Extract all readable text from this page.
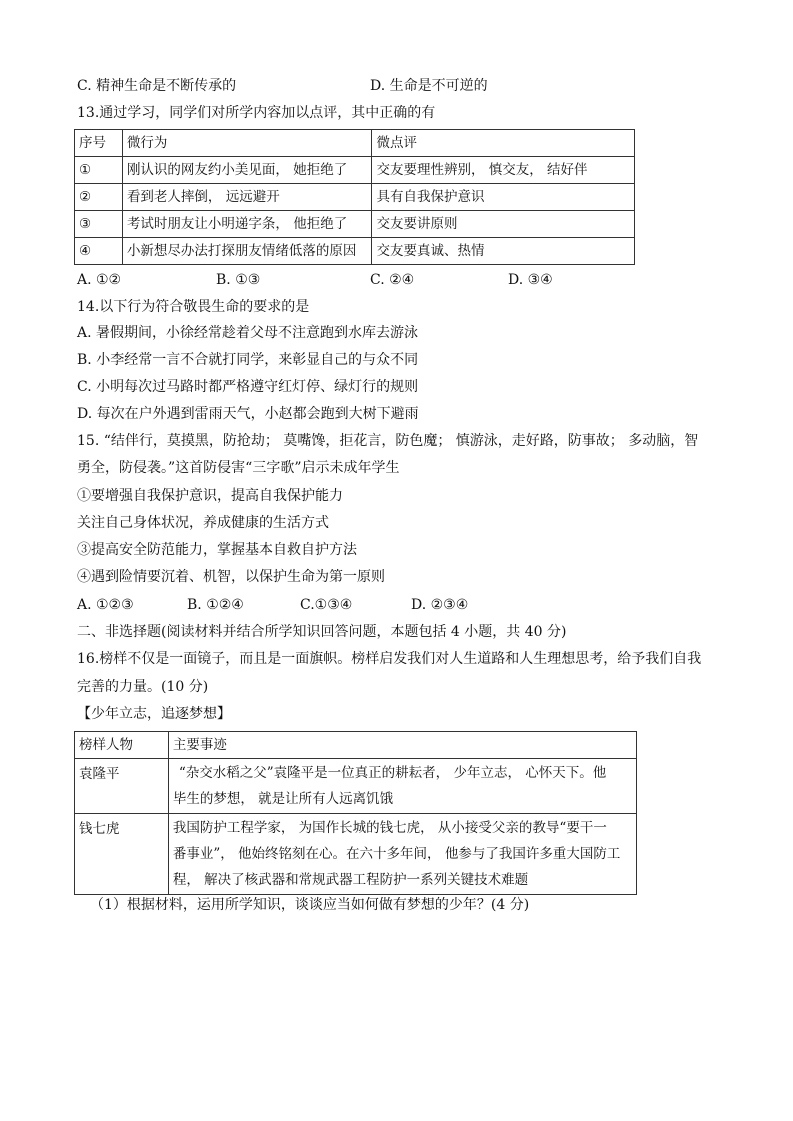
C. 精神生命是不断传承的	D. 生命是不可逆的
13.通过学习，同学们对所学内容加以点评，其中正确的有
序号	微行为	微点评
①	刚认识的网友约小美见面， 她拒绝了	交友要理性辨别， 慎交友， 结好伴
②	看到老人摔倒， 远远避开	具有自我保护意识
③	考试时朋友让小明递字条， 他拒绝了	交友要讲原则
④	小新想尽办法打探朋友情绪低落的原因	交友要真诚、热情
A. ①②	B. ①③	C. ②④	D. ③④
14.以下行为符合敬畏生命的要求的是
A. 暑假期间，小徐经常趁着父母不注意跑到水库去游泳
B. 小李经常一言不合就打同学，来彰显自己的与众不同
C. 小明每次过马路时都严格遵守红灯停、绿灯行的规则
D. 每次在户外遇到雷雨天气，小赵都会跑到大树下避雨
15. “结伴行，莫摸黑，防抢劫； 莫嘴馋，拒花言，防色魔； 慎游泳，走好路，防事故； 多动脑，智
勇全，防侵袭。”这首防侵害“三字歌”启示未成年学生
①要增强自我保护意识，提高自我保护能力
关注自己身体状况，养成健康的生活方式
③提高安全防范能力，掌握基本自救自护方法
④遇到险情要沉着、机智，以保护生命为第一原则
A. ①②③	B. ①②④	C.①③④	D. ②③④
二、非选择题(阅读材料并结合所学知识回答问题，本题包括 4 小题，共 40 分)
16.榜样不仅是一面镜子，而且是一面旗帜。榜样启发我们对人生道路和人生理想思考，给予我们自我
完善的力量。(10 分)
【少年立志，追逐梦想】
榜样人物	主要事迹
袁隆平	“杂交水稻之父”袁隆平是一位真正的耕耘者， 少年立志， 心怀天下。他
毕生的梦想， 就是让所有人远离饥饿

钱七虎	我国防护工程学家， 为国作长城的钱七虎， 从小接受父亲的教导“要干一
番事业”， 他始终铭刻在心。在六十多年间， 他参与了我国许多重大国防工
程， 解决了核武器和常规武器工程防护一系列关键技术难题
（1）根据材料，运用所学知识，谈谈应当如何做有梦想的少年？(4 分)
